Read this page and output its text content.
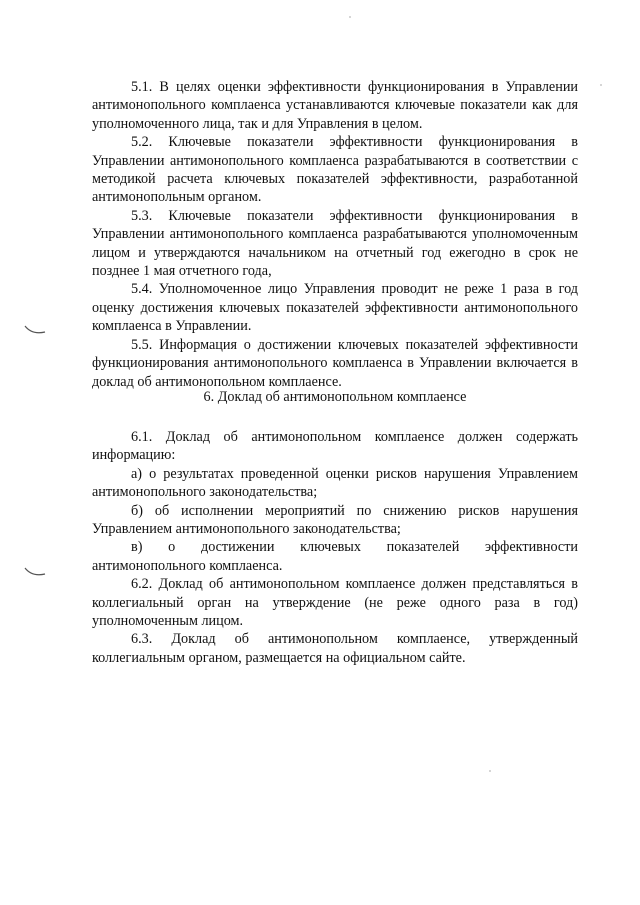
5.1. В целях оценки эффективности функционирования в Управлении антимонопольного комплаенса устанавливаются ключевые показатели как для уполномоченного лица, так и для Управления в целом.

5.2. Ключевые показатели эффективности функционирования в Управлении антимонопольного комплаенса разрабатываются в соответствии с методикой расчета ключевых показателей эффективности, разработанной антимонопольным органом.

5.3. Ключевые показатели эффективности функционирования в Управлении антимонопольного комплаенса разрабатываются уполномоченным лицом и утверждаются начальником на отчетный год ежегодно в срок не позднее 1 мая отчетного года,

5.4. Уполномоченное лицо Управления проводит не реже 1 раза в год оценку достижения ключевых показателей эффективности антимонопольного комплаенса в Управлении.

5.5. Информация о достижении ключевых показателей эффективности функционирования антимонопольного комплаенса в Управлении включается в доклад об антимонопольном комплаенсе.

6. Доклад об антимонопольном комплаенсе

6.1. Доклад об антимонопольном комплаенсе должен содержать информацию:

а) о результатах проведенной оценки рисков нарушения Управлением антимонопольного законодательства;

б) об исполнении мероприятий по снижению рисков нарушения Управлением антимонопольного законодательства;

в) о достижении ключевых показателей эффективности антимонопольного комплаенса.

6.2. Доклад об антимонопольном комплаенсе должен представляться в коллегиальный орган на утверждение (не реже одного раза в год) уполномоченным лицом.

6.3. Доклад об антимонопольном комплаенсе, утвержденный коллегиальным органом, размещается на официальном сайте.
